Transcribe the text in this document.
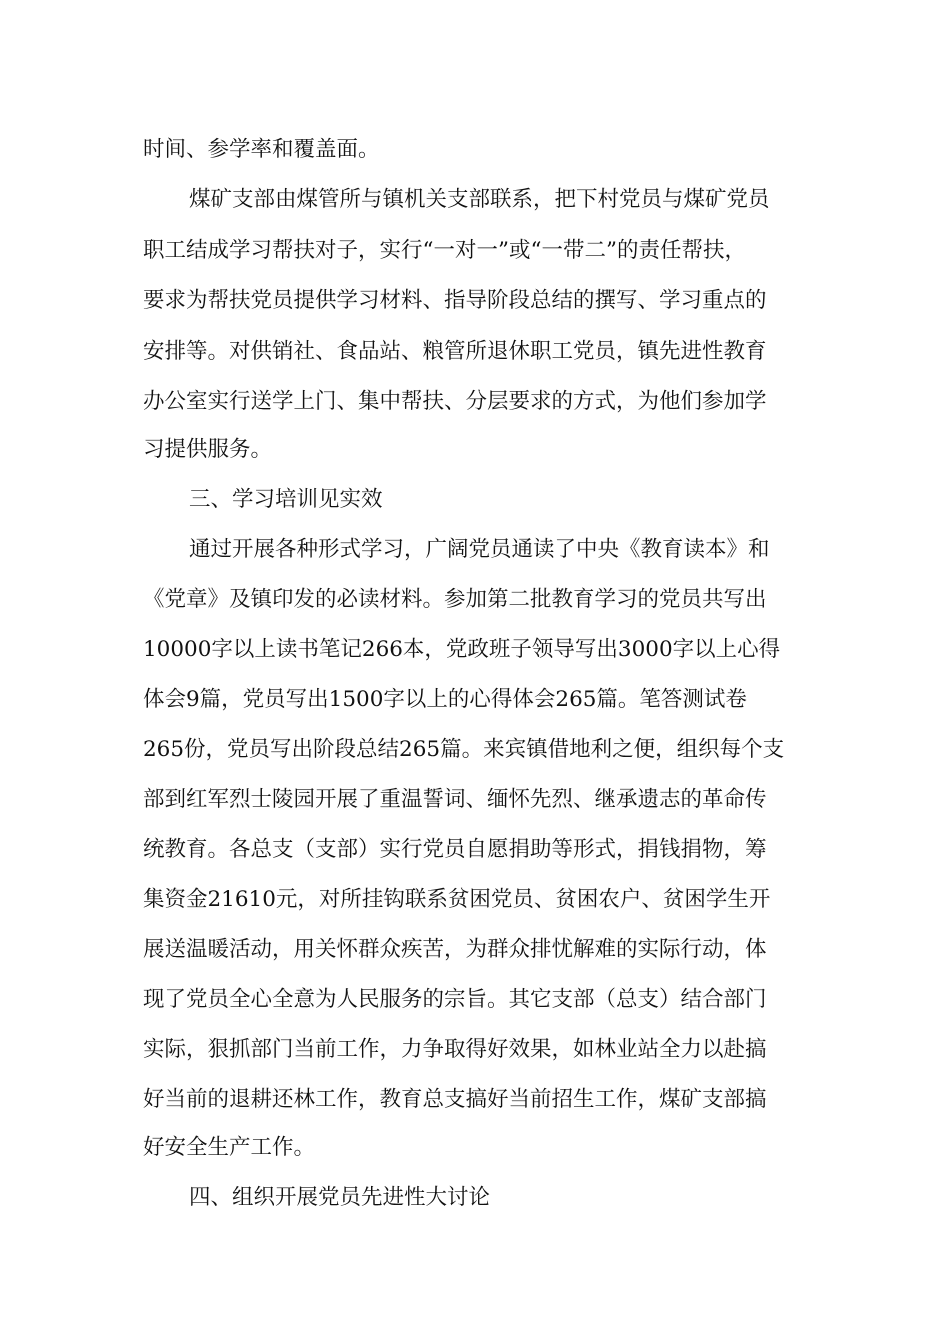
时间、参学率和覆盖面。

煤矿支部由煤管所与镇机关支部联系，把下村党员与煤矿党员

职工结成学习帮扶对子，实行“一对一”或“一带二”的责任帮扶，

要求为帮扶党员提供学习材料、指导阶段总结的撰写、学习重点的

安排等。对供销社、食品站、粮管所退休职工党员，镇先进性教育

办公室实行送学上门、集中帮扶、分层要求的方式，为他们参加学

习提供服务。

三、学习培训见实效

通过开展各种形式学习，广阔党员通读了中央《教育读本》和

《党章》及镇印发的必读材料。参加第二批教育学习的党员共写出

10000字以上读书笔记266本，党政班子领导写出3000字以上心得

体会9篇，党员写出1500字以上的心得体会265篇。笔答测试卷

265份，党员写出阶段总结265篇。来宾镇借地利之便，组织每个支

部到红军烈士陵园开展了重温誓词、缅怀先烈、继承遗志的革命传

统教育。各总支（支部）实行党员自愿捐助等形式，捐钱捐物，筹

集资金21610元，对所挂钩联系贫困党员、贫困农户、贫困学生开

展送温暖活动，用关怀群众疾苦，为群众排忧解难的实际行动，体

现了党员全心全意为人民服务的宗旨。其它支部（总支）结合部门

实际，狠抓部门当前工作，力争取得好效果，如林业站全力以赴搞

好当前的退耕还林工作，教育总支搞好当前招生工作，煤矿支部搞

好安全生产工作。

四、组织开展党员先进性大讨论
